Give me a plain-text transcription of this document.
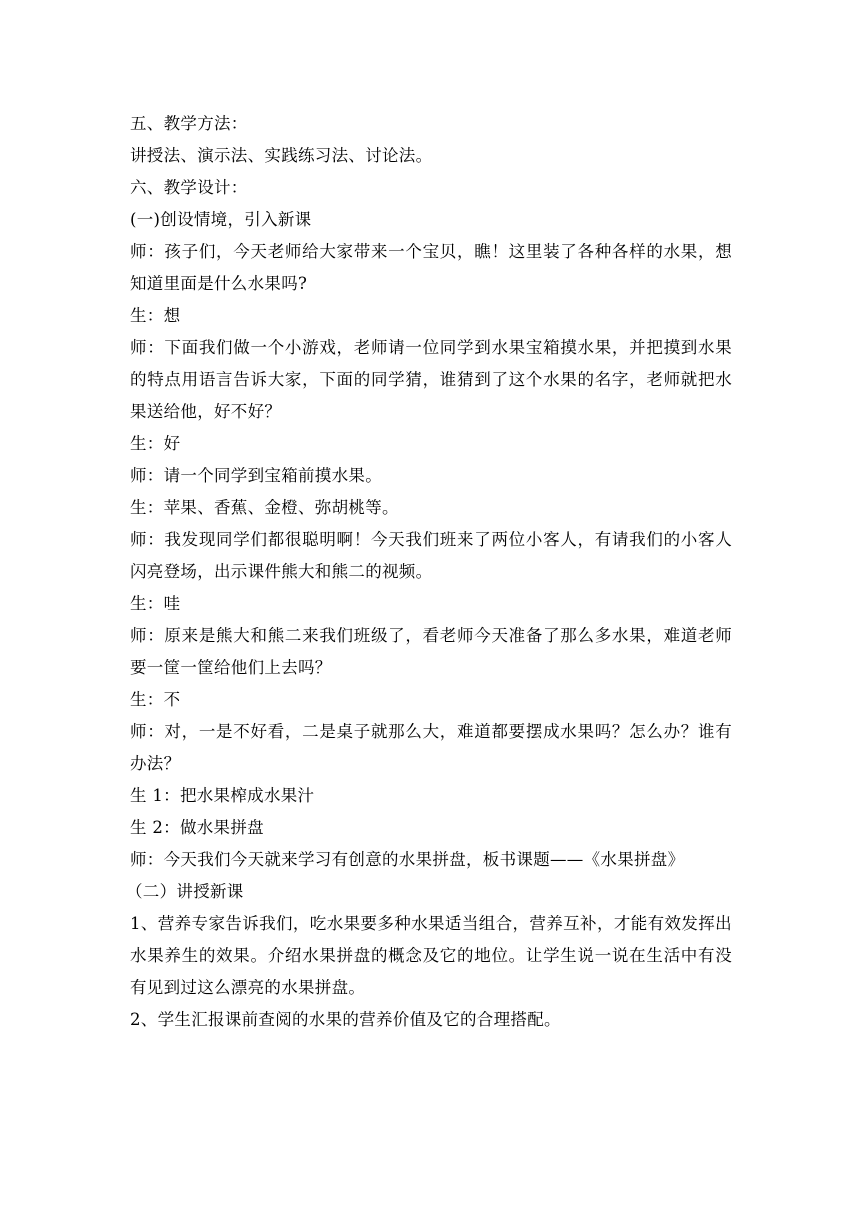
五、教学方法：

讲授法、演示法、实践练习法、讨论法。

六、教学设计：

(一)创设情境，引入新课

师：孩子们，今天老师给大家带来一个宝贝，瞧！这里装了各种各样的水果，想知道里面是什么水果吗?

生：想

师：下面我们做一个小游戏，老师请一位同学到水果宝箱摸水果，并把摸到水果的特点用语言告诉大家，下面的同学猜，谁猜到了这个水果的名字，老师就把水果送给他，好不好？

生：好

师：请一个同学到宝箱前摸水果。

生：苹果、香蕉、金橙、弥胡桃等。

师：我发现同学们都很聪明啊！今天我们班来了两位小客人，有请我们的小客人闪亮登场，出示课件熊大和熊二的视频。

生：哇

师：原来是熊大和熊二来我们班级了，看老师今天准备了那么多水果，难道老师要一筐一筐给他们上去吗？

生：不

师：对，一是不好看，二是桌子就那么大，难道都要摆成水果吗？怎么办？谁有办法？

生 1：把水果榨成水果汁

生 2：做水果拼盘

师：今天我们今天就来学习有创意的水果拼盘，板书课题——《水果拼盘》

（二）讲授新课

1、营养专家告诉我们，吃水果要多种水果适当组合，营养互补，才能有效发挥出水果养生的效果。介绍水果拼盘的概念及它的地位。让学生说一说在生活中有没有见到过这么漂亮的水果拼盘。

2、学生汇报课前查阅的水果的营养价值及它的合理搭配。
